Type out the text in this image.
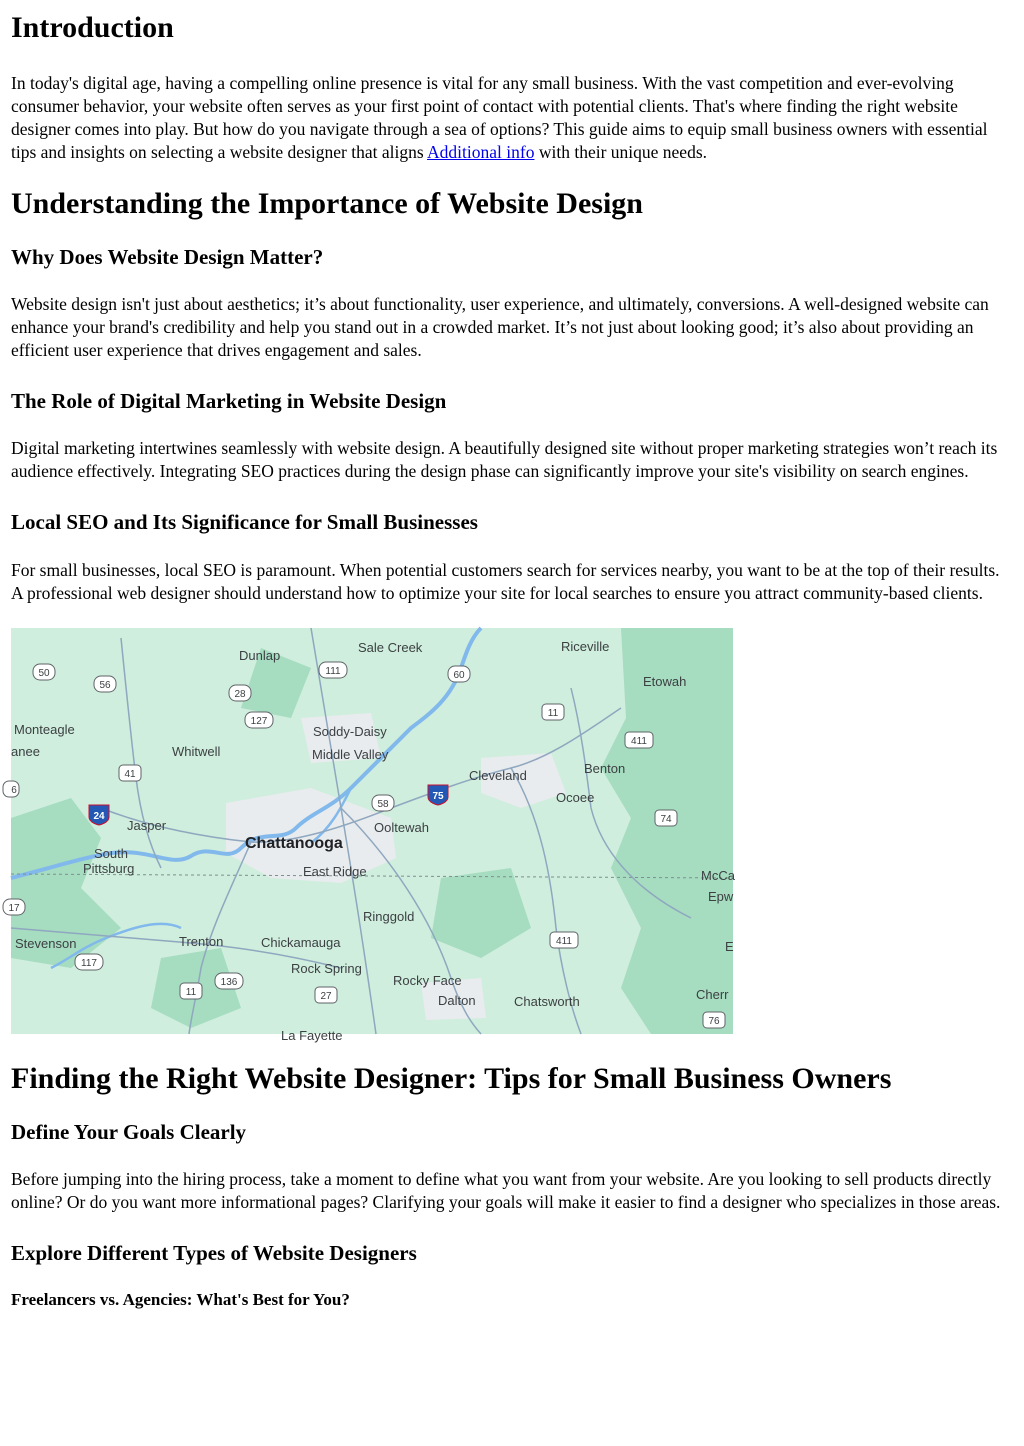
Introduction

In today's digital age, having a compelling online presence is vital for any small business. With the vast competition and ever-evolving consumer behavior, your website often serves as your first point of contact with potential clients. That's where finding the right website designer comes into play. But how do you navigate through a sea of options? This guide aims to equip small business owners with essential tips and insights on selecting a website designer that aligns Additional info with their unique needs.

Understanding the Importance of Website Design
Why Does Website Design Matter?

Website design isn't just about aesthetics; it’s about functionality, user experience, and ultimately, conversions. A well-designed website can enhance your brand's credibility and help you stand out in a crowded market. It’s not just about looking good; it’s also about providing an efficient user experience that drives engagement and sales.

The Role of Digital Marketing in Website Design

Digital marketing intertwines seamlessly with website design. A beautifully designed site without proper marketing strategies won’t reach its audience effectively. Integrating SEO practices during the design phase can significantly improve your site's visibility on search engines.

Local SEO and Its Significance for Small Businesses

For small businesses, local SEO is paramount. When potential customers search for services nearby, you want to be at the top of their results. A professional web designer should understand how to optimize your site for local searches to ensure you attract community-based clients.

Dunlap
Sale Creek	Riceville
Etowah
Monteagle
anee	Whitwell
Soddy-Daisy
Middle Valley
Benton
Cleveland
Ocoee
Jasper	Ooltewah
Chattanooga
South
Pittsburg	East Ridge	McCa
Epw
Ringgold
Stevenson	Trenton	Chickamauga	E
Rock Spring
Rocky Face
Dalton	Chatsworth	Cherr
La Fayette
50
56
28
111	60
127
11
411
41
6
58
75
24	74
17
411
117
136
27
11
76
Finding the Right Website Designer: Tips for Small Business Owners
Define Your Goals Clearly

Before jumping into the hiring process, take a moment to define what you want from your website. Are you looking to sell products directly online? Or do you want more informational pages? Clarifying your goals will make it easier to find a designer who specializes in those areas.

Explore Different Types of Website Designers
Freelancers vs. Agencies: What's Best for You?
